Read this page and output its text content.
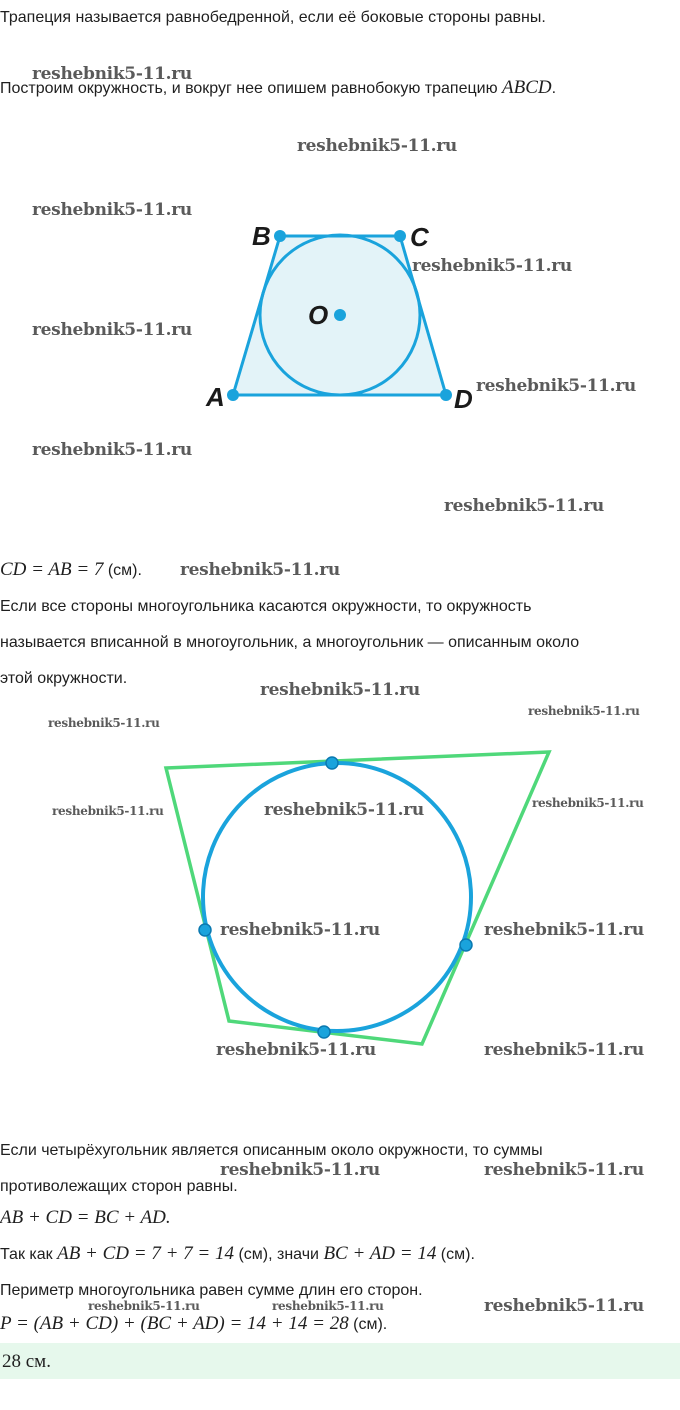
Трапеция называется равнобедренной, если её боковые стороны равны.
Построим окружность, и вокруг нее опишем равнобокую трапецию ABCD.
B	C
O
A	D
CD = AB = 7 (см).
Если все стороны многоугольника касаются окружности, то окружность
называется вписанной в многоугольник, а многоугольник — описанным около
этой окружности.
Если четырёхугольник является описанным около окружности, то суммы
противолежащих сторон равны.
AB + CD = BC + AD.
Так как AB + CD = 7 + 7 = 14 (см), значи BC + AD = 14 (см).
Периметр многоугольника равен сумме длин его сторон.
P = (AB + CD) + (BC + AD) = 14 + 14 = 28 (см).
28 см.
reshebnik5-11.ru
reshebnik5-11.ru
reshebnik5-11.ru
reshebnik5-11.ru
reshebnik5-11.ru
reshebnik5-11.ru
reshebnik5-11.ru
reshebnik5-11.ru
reshebnik5-11.ru
reshebnik5-11.ru
reshebnik5-11.ru
reshebnik5-11.ru
reshebnik5-11.ru
reshebnik5-11.ru
reshebnik5-11.ru
reshebnik5-11.ru	reshebnik5-11.ru
reshebnik5-11.ru	reshebnik5-11.ru
reshebnik5-11.ru	reshebnik5-11.ru
reshebnik5-11.ru	reshebnik5-11.ru	reshebnik5-11.ru
